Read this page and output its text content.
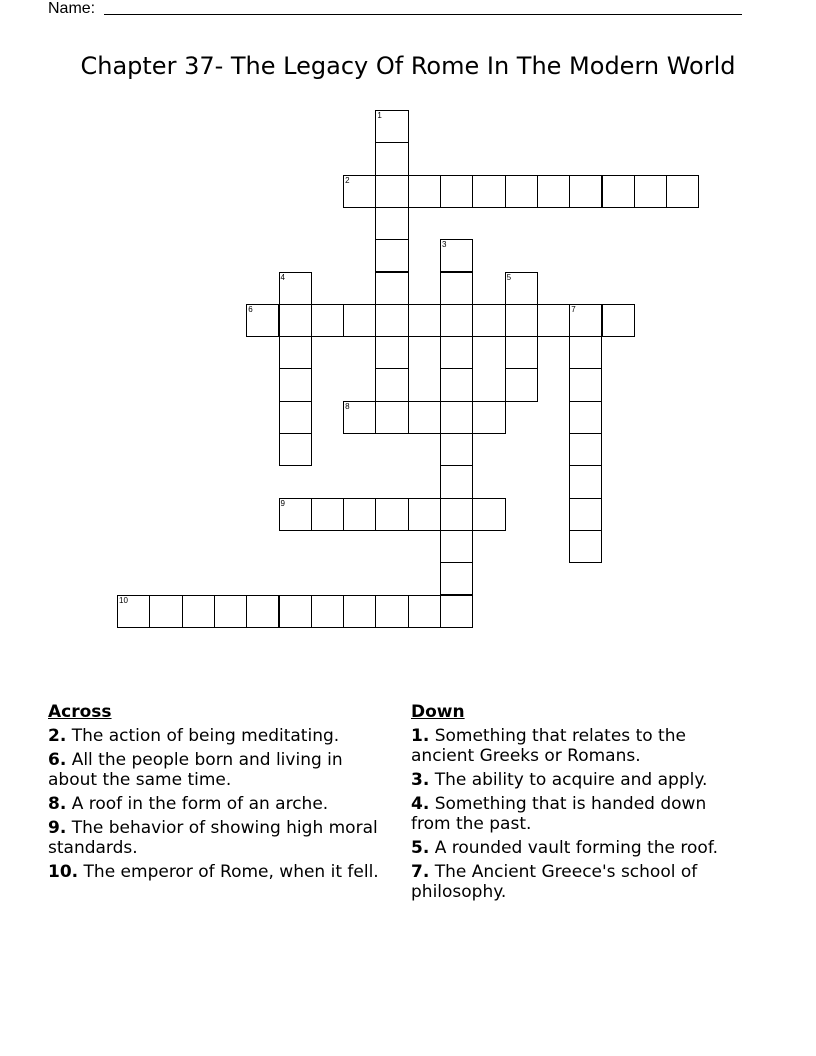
Name:
Chapter 37- The Legacy Of Rome In The Modern World
1
2
3
4	5
6	7
8
9
10
Across
2. The action of being meditating.
6. All the people born and living in about the same time.
8. A roof in the form of an arche.
9. The behavior of showing high moral standards.
10. The emperor of Rome, when it fell.
Down
1. Something that relates to the ancient Greeks or Romans.
3. The ability to acquire and apply.
4. Something that is handed down from the past.
5. A rounded vault forming the roof.
7. The Ancient Greece's school of philosophy.
